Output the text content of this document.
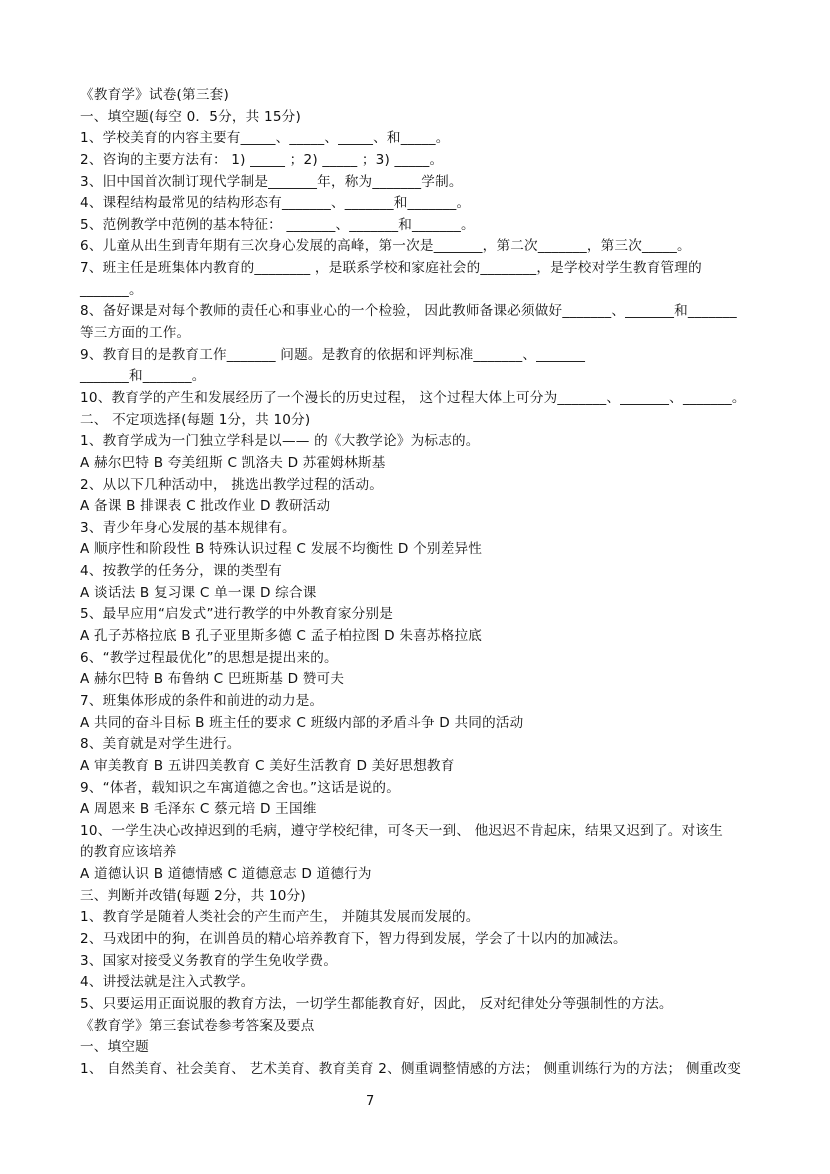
《教育学》试卷(第三套)
一、填空题(每空 0．5分，共 15分)
1、学校美育的内容主要有_____、_____、_____、和_____。
2、咨询的主要方法有： 1) _____ ；2) _____ ；3) _____。
3、旧中国首次制订现代学制是_______年，称为_______学制。
4、课程结构最常见的结构形态有_______、_______和_______。
5、范例教学中范例的基本特征： _______、_______和_______。
6、儿童从出生到青年期有三次身心发展的高峰，第一次是_______，第二次_______，第三次_____。
7、班主任是班集体内教育的________ ，是联系学校和家庭社会的________，是学校对学生教育管理的
_______。
8、备好课是对每个教师的责任心和事业心的一个检验， 因此教师备课必须做好_______、_______和_______
等三方面的工作。
9、教育目的是教育工作_______ 问题。是教育的依据和评判标准_______、_______
_______和_______。
10、教育学的产生和发展经历了一个漫长的历史过程， 这个过程大体上可分为_______、_______、_______。
二、 不定项选择(每题 1分，共 10分)
1、教育学成为一门独立学科是以—— 的《大教学论》为标志的。
A 赫尔巴特 B 夸美纽斯 C 凯洛夫 D 苏霍姆林斯基
2、从以下几种活动中， 挑选出教学过程的活动。
A 备课 B 排课表 C 批改作业 D 教研活动
3、青少年身心发展的基本规律有。
A 顺序性和阶段性 B 特殊认识过程 C 发展不均衡性 D 个别差异性
4、按教学的任务分，课的类型有
A 谈话法 B 复习课 C 单一课 D 综合课
5、最早应用“启发式”进行教学的中外教育家分别是
A 孔子苏格拉底 B 孔子亚里斯多德 C 孟子柏拉图 D 朱喜苏格拉底
6、“教学过程最优化”的思想是提出来的。
A 赫尔巴特 B 布鲁纳 C 巴班斯基 D 赞可夫
7、班集体形成的条件和前进的动力是。
A 共同的奋斗目标 B 班主任的要求 C 班级内部的矛盾斗争 D 共同的活动
8、美育就是对学生进行。
A 审美教育 B 五讲四美教育 C 美好生活教育 D 美好思想教育
9、“体者，载知识之车寓道德之舍也。”这话是说的。
A 周恩来 B 毛泽东 C 蔡元培 D 王国维
10、一学生决心改掉迟到的毛病，遵守学校纪律，可冬天一到、 他迟迟不肯起床，结果又迟到了。对该生
的教育应该培养
A 道德认识 B 道德情感 C 道德意志 D 道德行为
三、判断并改错(每题 2分，共 10分)
1、教育学是随着人类社会的产生而产生， 并随其发展而发展的。
2、马戏团中的狗，在训兽员的精心培养教育下，智力得到发展，学会了十以内的加减法。
3、国家对接受义务教育的学生免收学费。
4、讲授法就是注入式教学。
5、只要运用正面说服的教育方法，一切学生都能教育好，因此， 反对纪律处分等强制性的方法。
《教育学》第三套试卷参考答案及要点
一、填空题
1、 自然美育、社会美育、 艺术美育、教育美育 2、侧重调整情感的方法； 侧重训练行为的方法； 侧重改变
7
